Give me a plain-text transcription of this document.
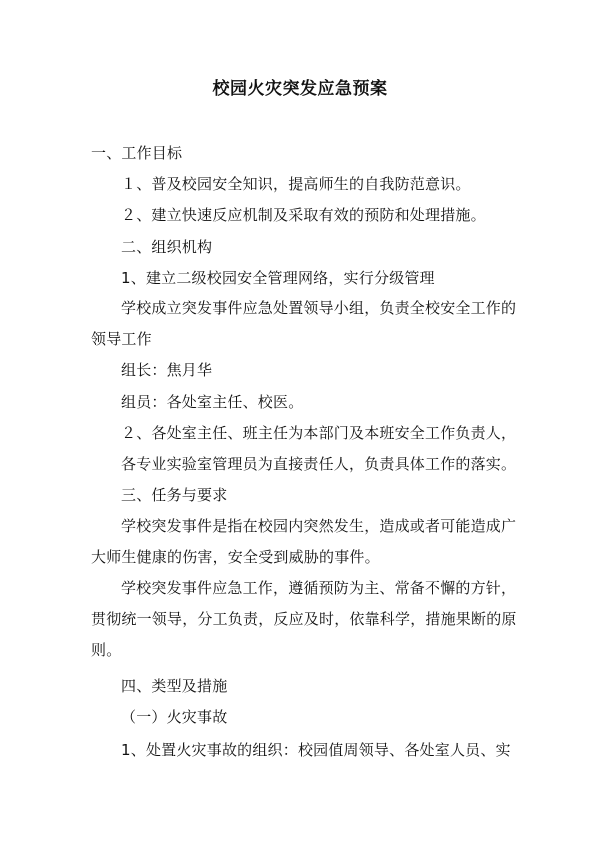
校园火灾突发应急预案
一、工作目标
１、普及校园安全知识，提高师生的自我防范意识。
２、建立快速反应机制及采取有效的预防和处理措施。
二、组织机构
1、建立二级校园安全管理网络，实行分级管理
学校成立突发事件应急处置领导小组，负责全校安全工作的
领导工作
组长：焦月华
组员：各处室主任、校医。
２、各处室主任、班主任为本部门及本班安全工作负责人，
各专业实验室管理员为直接责任人，负责具体工作的落实。
三、任务与要求
学校突发事件是指在校园内突然发生，造成或者可能造成广
大师生健康的伤害，安全受到威胁的事件。
学校突发事件应急工作，遵循预防为主、常备不懈的方针，
贯彻统一领导，分工负责，反应及时，依靠科学，措施果断的原
则。
四、类型及措施
（一）火灾事故
1、处置火灾事故的组织：校园值周领导、各处室人员、实
